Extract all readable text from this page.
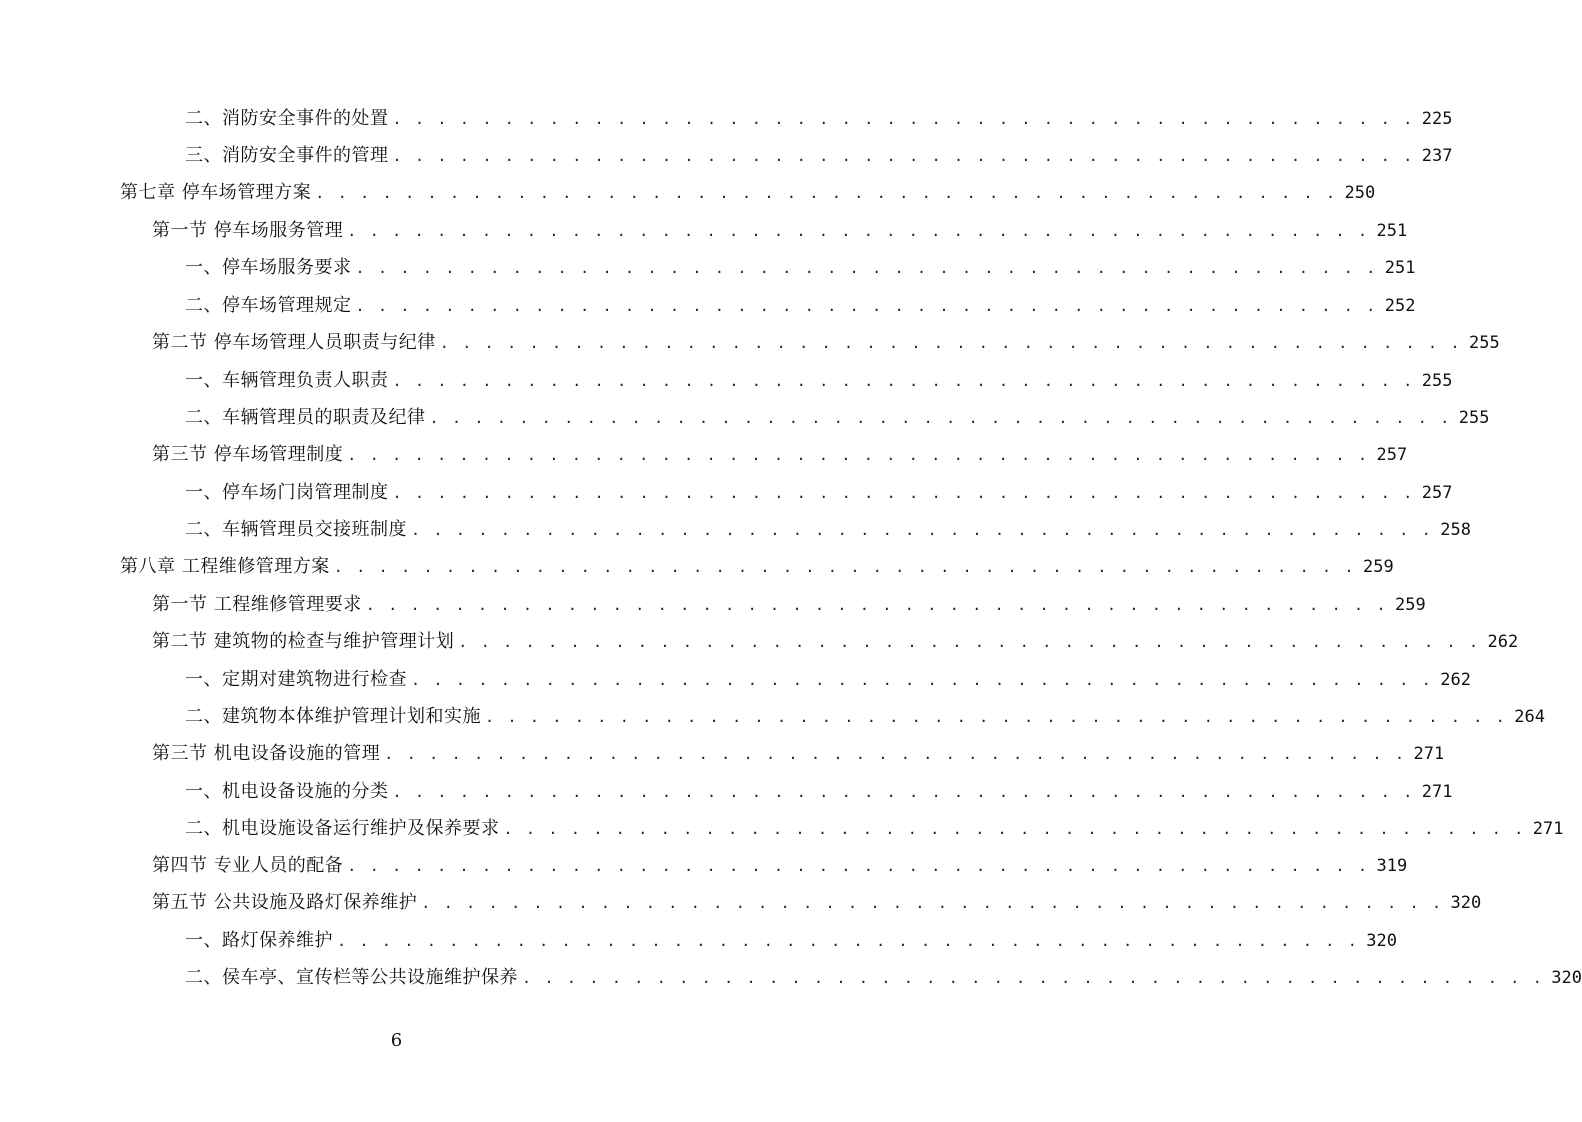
二、消防安全事件的处置 . . . . . . . . . . . . . . . . . . . . . . . . . . . . . . . . . . . . . . . . . . . . . . 225
三、消防安全事件的管理 . . . . . . . . . . . . . . . . . . . . . . . . . . . . . . . . . . . . . . . . . . . . . . 237
第七章 停车场管理方案 . . . . . . . . . . . . . . . . . . . . . . . . . . . . . . . . . . . . . . . . . . . . . . 250
第一节 停车场服务管理 . . . . . . . . . . . . . . . . . . . . . . . . . . . . . . . . . . . . . . . . . . . . . . 251
一、停车场服务要求 . . . . . . . . . . . . . . . . . . . . . . . . . . . . . . . . . . . . . . . . . . . . . . 251
二、停车场管理规定 . . . . . . . . . . . . . . . . . . . . . . . . . . . . . . . . . . . . . . . . . . . . . . 252
第二节 停车场管理人员职责与纪律 . . . . . . . . . . . . . . . . . . . . . . . . . . . . . . . . . . . . . . . . . . . . . . 255
一、车辆管理负责人职责 . . . . . . . . . . . . . . . . . . . . . . . . . . . . . . . . . . . . . . . . . . . . . . 255
二、车辆管理员的职责及纪律 . . . . . . . . . . . . . . . . . . . . . . . . . . . . . . . . . . . . . . . . . . . . . . 255
第三节 停车场管理制度 . . . . . . . . . . . . . . . . . . . . . . . . . . . . . . . . . . . . . . . . . . . . . . 257
一、停车场门岗管理制度 . . . . . . . . . . . . . . . . . . . . . . . . . . . . . . . . . . . . . . . . . . . . . . 257
二、车辆管理员交接班制度 . . . . . . . . . . . . . . . . . . . . . . . . . . . . . . . . . . . . . . . . . . . . . . 258
第八章 工程维修管理方案 . . . . . . . . . . . . . . . . . . . . . . . . . . . . . . . . . . . . . . . . . . . . . . 259
第一节 工程维修管理要求 . . . . . . . . . . . . . . . . . . . . . . . . . . . . . . . . . . . . . . . . . . . . . . 259
第二节 建筑物的检查与维护管理计划 . . . . . . . . . . . . . . . . . . . . . . . . . . . . . . . . . . . . . . . . . . . . . . 262
一、定期对建筑物进行检查 . . . . . . . . . . . . . . . . . . . . . . . . . . . . . . . . . . . . . . . . . . . . . . 262
二、建筑物本体维护管理计划和实施 . . . . . . . . . . . . . . . . . . . . . . . . . . . . . . . . . . . . . . . . . . . . . . 264
第三节 机电设备设施的管理 . . . . . . . . . . . . . . . . . . . . . . . . . . . . . . . . . . . . . . . . . . . . . . 271
一、机电设备设施的分类 . . . . . . . . . . . . . . . . . . . . . . . . . . . . . . . . . . . . . . . . . . . . . . 271
二、机电设施设备运行维护及保养要求 . . . . . . . . . . . . . . . . . . . . . . . . . . . . . . . . . . . . . . . . . . . . . . 271
第四节 专业人员的配备 . . . . . . . . . . . . . . . . . . . . . . . . . . . . . . . . . . . . . . . . . . . . . . 319
第五节 公共设施及路灯保养维护 . . . . . . . . . . . . . . . . . . . . . . . . . . . . . . . . . . . . . . . . . . . . . . 320
一、路灯保养维护 . . . . . . . . . . . . . . . . . . . . . . . . . . . . . . . . . . . . . . . . . . . . . . 320
二、侯车亭、宣传栏等公共设施维护保养 . . . . . . . . . . . . . . . . . . . . . . . . . . . . . . . . . . . . . . . . . . . . . . 320
6
